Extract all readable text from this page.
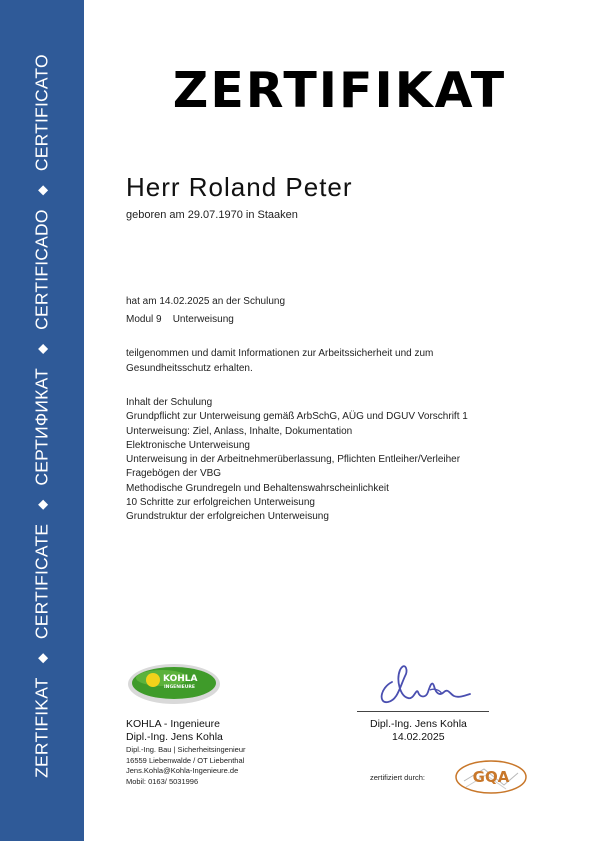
ZERTIFIKAT◆CERTIFICATE◆СЕРТИФИКАТ◆CERTIFICADO◆CERTIFICATO	ZERTIFIKAT
Herr Roland Peter
geboren am 29.07.1970 in Staaken
hat am 14.02.2025 an der Schulung
Modul 9    Unterweisung
teilgenommen und damit Informationen zur Arbeitssicherheit und zum
Gesundheitsschutz erhalten.
Inhalt der Schulung
Grundpflicht zur Unterweisung gemäß ArbSchG, AÜG und DGUV Vorschrift 1
Unterweisung: Ziel, Anlass, Inhalte, Dokumentation
Elektronische Unterweisung
Unterweisung in der Arbeitnehmerüberlassung, Pflichten Entleiher/Verleiher
Fragebögen der VBG
Methodische Grundregeln und Behaltenswahrscheinlichkeit
10 Schritte zur erfolgreichen Unterweisung
Grundstruktur der erfolgreichen Unterweisung
KOHLA
INGENIEURE
KOHLA - Ingenieure
Dipl.-Ing. Jens Kohla
Dipl.-Ing. Bau | Sicherheitsingenieur
16559 Liebenwalde / OT Liebenthal
Jens.Kohla@Kohla-Ingenieure.de
Mobil: 0163/ 5031996
Dipl.-Ing. Jens Kohla
14.02.2025
zertifiziert durch:	GQA
